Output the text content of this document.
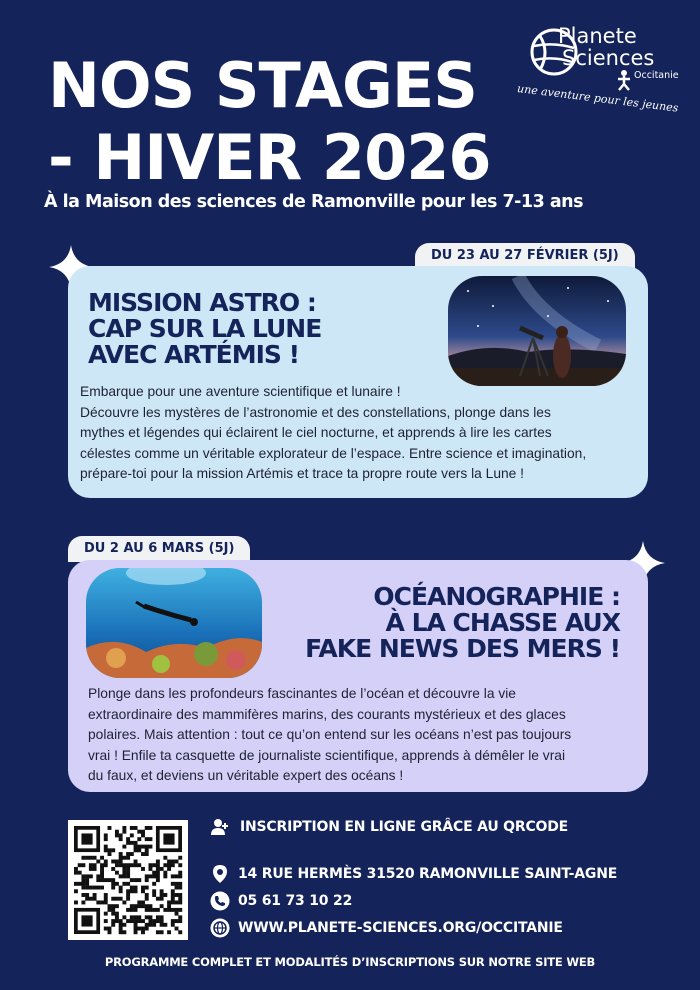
NOS STAGES
- HIVER 2026
À la Maison des sciences de Ramonville pour les 7-13 ans
Planete
Sciences
Occitanie
une aventure pour les jeunes
DU 23 AU 27 FÉVRIER (5J)
MISSION ASTRO :
CAP SUR LA LUNE
AVEC ARTÉMIS !
Embarque pour une aventure scientifique et lunaire !
Découvre les mystères de l’astronomie et des constellations, plonge dans les
mythes et légendes qui éclairent le ciel nocturne, et apprends à lire les cartes
célestes comme un véritable explorateur de l’espace. Entre science et imagination,
prépare-toi pour la mission Artémis et trace ta propre route vers la Lune !
DU 2 AU 6 MARS (5J)
OCÉANOGRAPHIE :
À LA CHASSE AUX
FAKE NEWS DES MERS !
Plonge dans les profondeurs fascinantes de l’océan et découvre la vie
extraordinaire des mammifères marins, des courants mystérieux et des glaces
polaires. Mais attention : tout ce qu’on entend sur les océans n’est pas toujours
vrai ! Enfile ta casquette de journaliste scientifique, apprends à démêler le vrai
du faux, et deviens un véritable expert des océans !
INSCRIPTION EN LIGNE GRÂCE AU QRCODE
14 RUE HERMÈS 31520 RAMONVILLE SAINT-AGNE
05 61 73 10 22
WWW.PLANETE-SCIENCES.ORG/OCCITANIE
PROGRAMME COMPLET ET MODALITÉS D’INSCRIPTIONS SUR NOTRE SITE WEB
